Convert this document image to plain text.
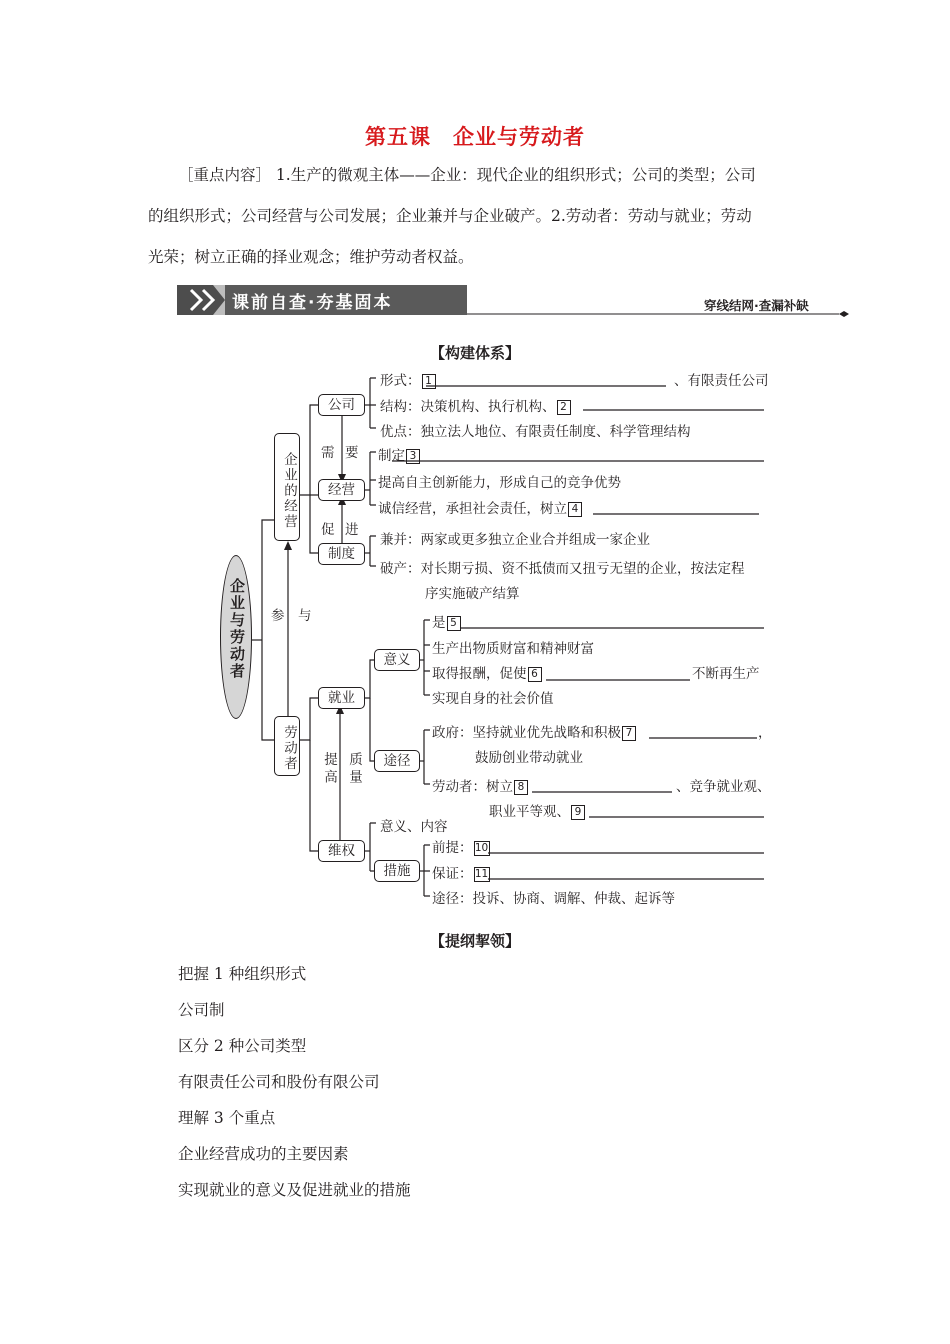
第五课　企业与劳动者
［重点内容］ 1.生产的微观主体——企业：现代企业的组织形式；公司的类型；公司
的组织形式；公司经营与公司发展；企业兼并与企业破产。2.劳动者：劳动与就业；劳动
光荣；树立正确的择业观念；维护劳动者权益。
课前自查·夯基固本	穿线结网·查漏补缺
【构建体系】
企业与劳动者
企业的经营
劳动者
参　与
公司
经营
制度
需 要
促 进
形式： 1	、有限责任公司
结构：决策机构、执行机构、 2
优点：独立法人地位、有限责任制度、科学管理结构
制定 3
提高自主创新能力，形成自己的竞争优势
诚信经营，承担社会责任，树立 4
兼并：两家或更多独立企业合并组成一家企业
破产：对长期亏损、资不抵债而又扭亏无望的企业，按法定程
序实施破产结算
就业
维权
意义
途径
措施
提高 质量
是 5
生产出物质财富和精神财富
取得报酬，促使 6	不断再生产
实现自身的社会价值
政府：坚持就业优先战略和积极 7	，
鼓励创业带动就业
劳动者：树立 8	、竞争就业观、
职业平等观、 9
意义、内容
前提： 10
保证： 11
途径：投诉、协商、调解、仲裁、起诉等
【提纲挈领】
把握 1 种组织形式
公司制
区分 2 种公司类型
有限责任公司和股份有限公司
理解 3 个重点
企业经营成功的主要因素
实现就业的意义及促进就业的措施
